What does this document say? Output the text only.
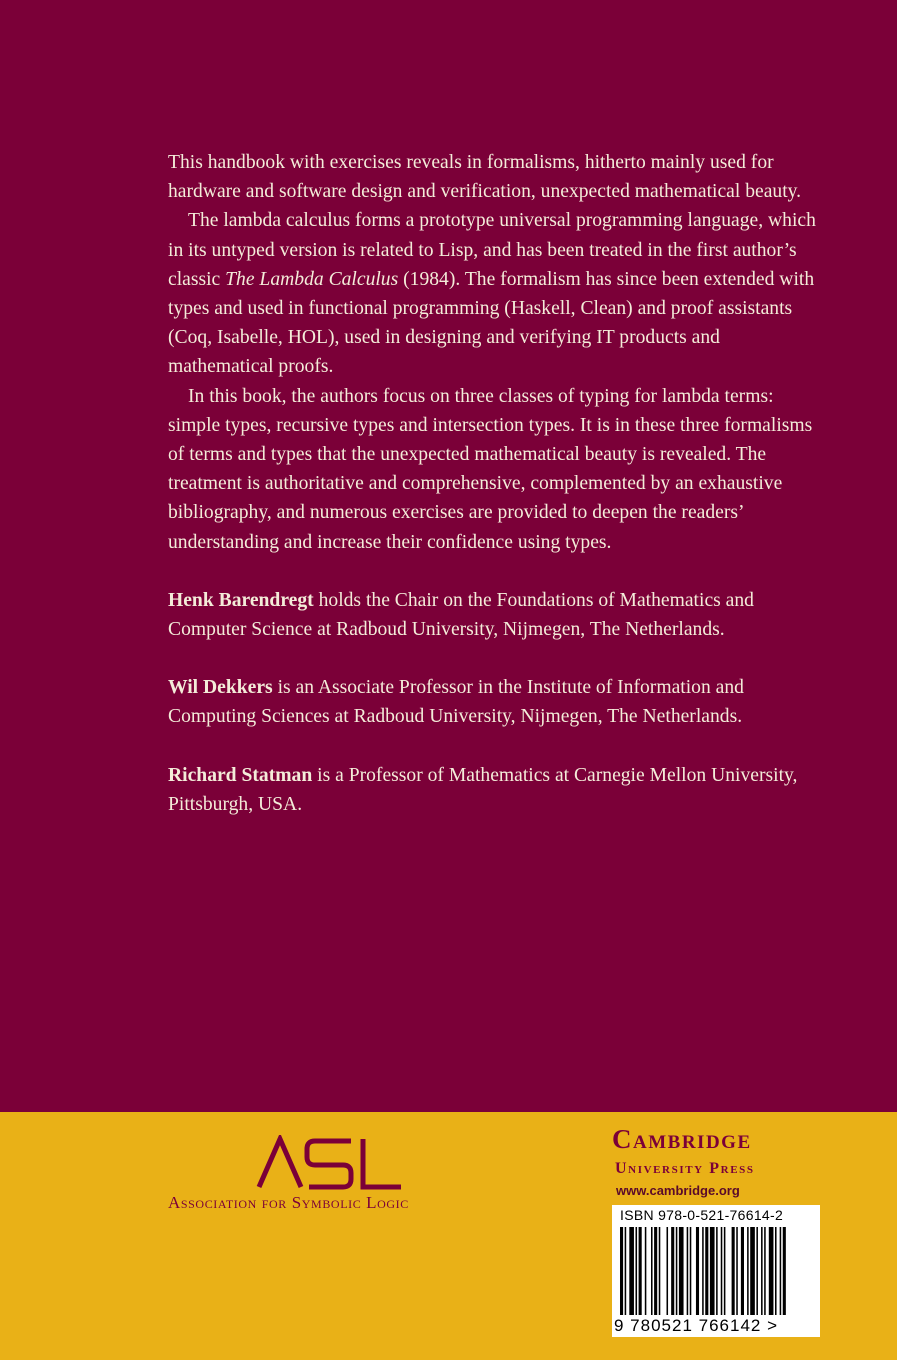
This handbook with exercises reveals in formalisms, hitherto mainly used for hardware and software design and verification, unexpected mathematical beauty.

The lambda calculus forms a prototype universal programming language, which in its untyped version is related to Lisp, and has been treated in the first author’s classic The Lambda Calculus (1984). The formalism has since been extended with types and used in functional programming (Haskell, Clean) and proof assistants (Coq, Isabelle, HOL), used in designing and verifying IT products and mathematical proofs.

In this book, the authors focus on three classes of typing for lambda terms: simple types, recursive types and intersection types. It is in these three formalisms of terms and types that the unexpected mathematical beauty is revealed. The treatment is authoritative and comprehensive, complemented by an exhaustive bibliography, and numerous exercises are provided to deepen the readers’ understanding and increase their confidence using types.

Henk Barendregt holds the Chair on the Foundations of Mathematics and Computer Science at Radboud University, Nijmegen, The Netherlands.

Wil Dekkers is an Associate Professor in the Institute of Information and Computing Sciences at Radboud University, Nijmegen, The Netherlands.

Richard Statman is a Professor of Mathematics at Carnegie Mellon University, Pittsburgh, USA.

Association for Symbolic Logic
Cambridge
University Press
www.cambridge.org
ISBN 978-0-521-76614-2
9 780521 766142 >
